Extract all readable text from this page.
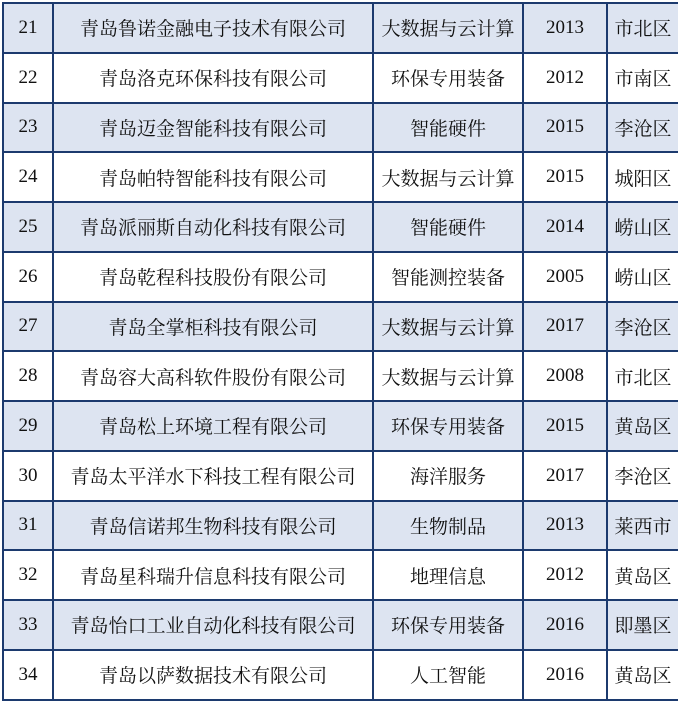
21	青岛鲁诺金融电子技术有限公司	大数据与云计算	2013	市北区
22	青岛洛克环保科技有限公司	环保专用装备	2012	市南区
23	青岛迈金智能科技有限公司	智能硬件	2015	李沧区
24	青岛帕特智能科技有限公司	大数据与云计算	2015	城阳区
25	青岛派丽斯自动化科技有限公司	智能硬件	2014	崂山区
26	青岛乾程科技股份有限公司	智能测控装备	2005	崂山区
27	青岛全掌柜科技有限公司	大数据与云计算	2017	李沧区
28	青岛容大高科软件股份有限公司	大数据与云计算	2008	市北区
29	青岛松上环境工程有限公司	环保专用装备	2015	黄岛区
30	青岛太平洋水下科技工程有限公司	海洋服务	2017	李沧区
31	青岛信诺邦生物科技有限公司	生物制品	2013	莱西市
32	青岛星科瑞升信息科技有限公司	地理信息	2012	黄岛区
33	青岛怡口工业自动化科技有限公司	环保专用装备	2016	即墨区
34	青岛以萨数据技术有限公司	人工智能	2016	黄岛区
